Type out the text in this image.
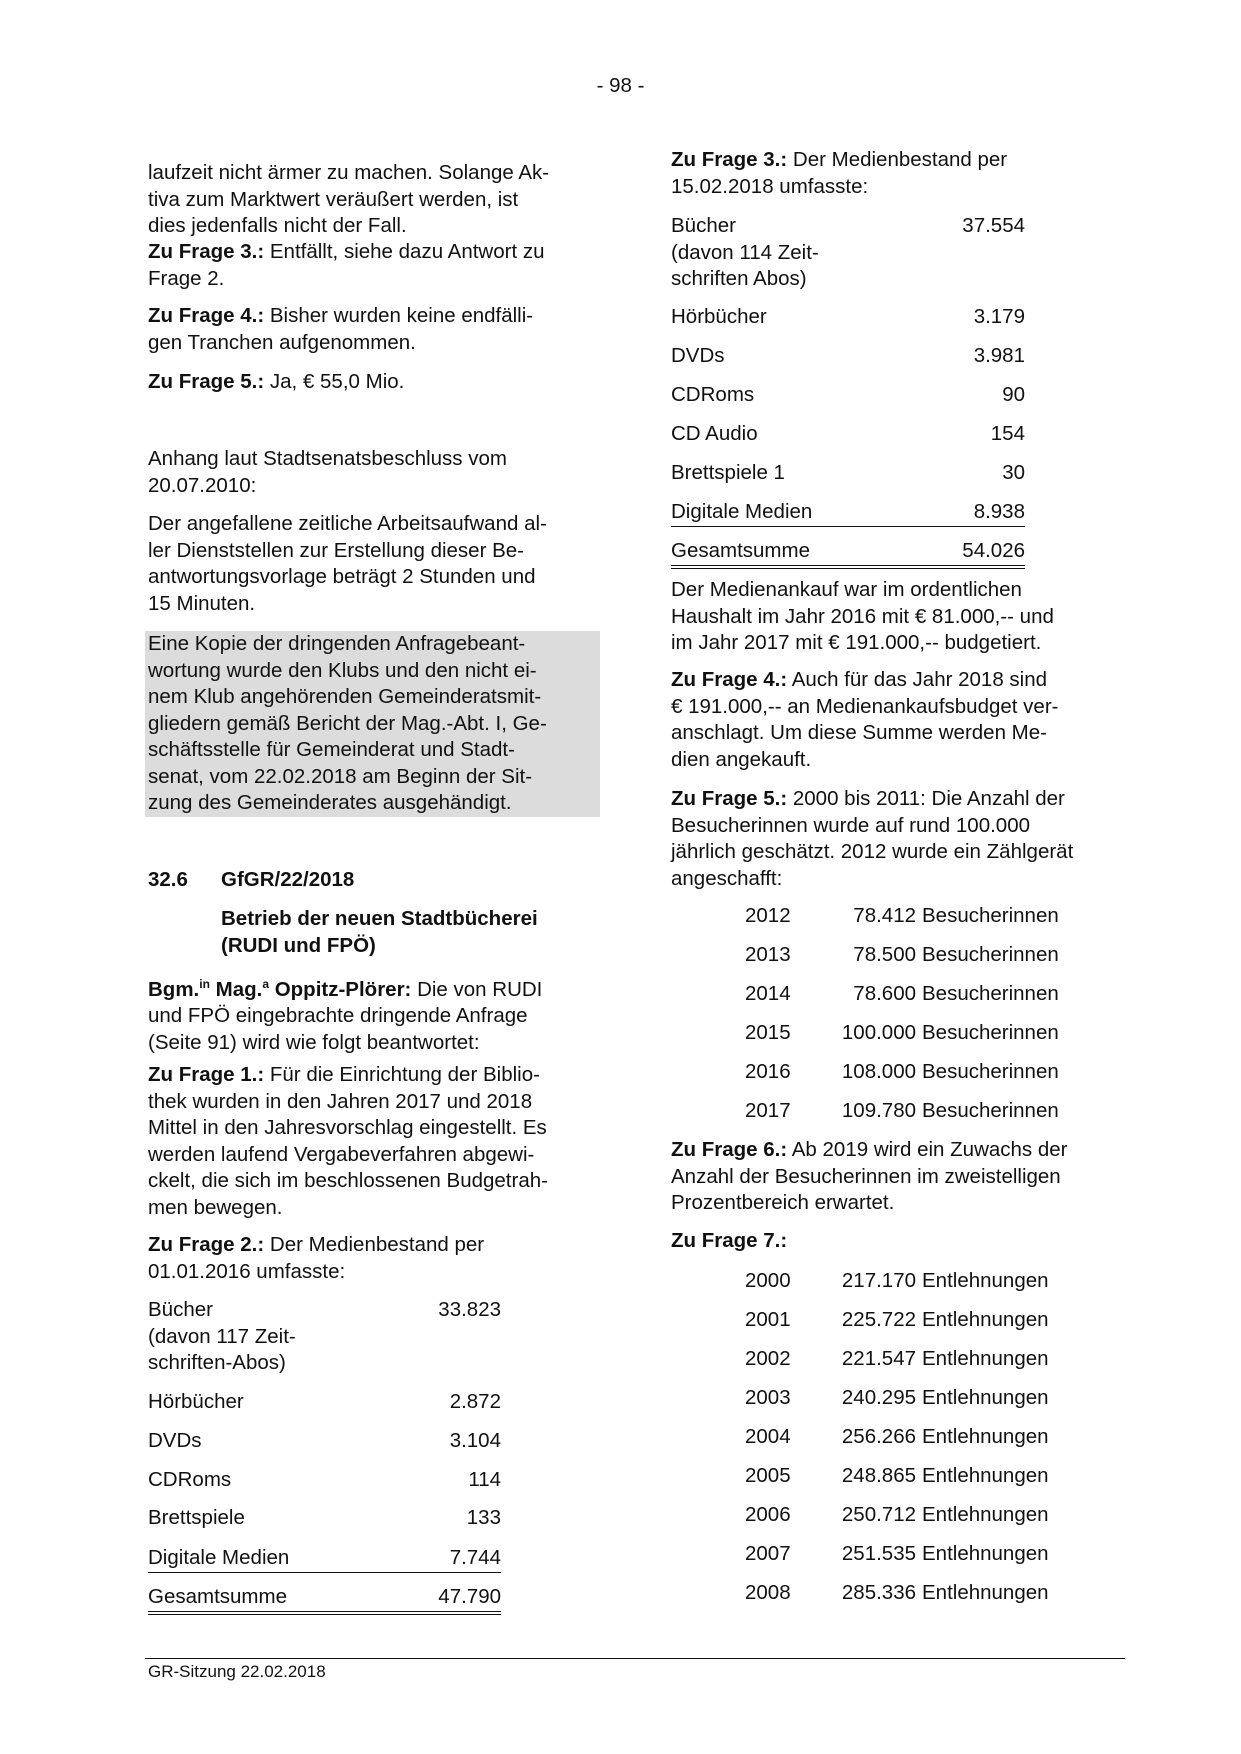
- 98 -
laufzeit nicht ärmer zu machen. Solange Ak-
tiva zum Marktwert veräußert werden, ist
dies jedenfalls nicht der Fall.
Zu Frage 3.: Entfällt, siehe dazu Antwort zu
Frage 2.
Zu Frage 4.: Bisher wurden keine endfälli-
gen Tranchen aufgenommen.
Zu Frage 5.: Ja, € 55,0 Mio.
Anhang laut Stadtsenatsbeschluss vom
20.07.2010:
Der angefallene zeitliche Arbeitsaufwand al-
ler Dienststellen zur Erstellung dieser Be-
antwortungsvorlage beträgt 2 Stunden und
15 Minuten.
Eine Kopie der dringenden Anfragebeant-
wortung wurde den Klubs und den nicht ei-
nem Klub angehörenden Gemeinderatsmit-
gliedern gemäß Bericht der Mag.-Abt. I, Ge-
schäftsstelle für Gemeinderat und Stadt-
senat, vom 22.02.2018 am Beginn der Sit-
zung des Gemeinderates ausgehändigt.
32.6 GfGR/22/2018
Betrieb der neuen Stadtbücherei
(RUDI und FPÖ)
Bgm.$^{in}$ Mag.$^a$ Oppitz-Plörer: Die von RUDI
und FPÖ eingebrachte dringende Anfrage
(Seite 91) wird wie folgt beantwortet:
Zu Frage 1.: Für die Einrichtung der Biblio-
thek wurden in den Jahren 2017 und 2018
Mittel in den Jahresvorschlag eingestellt. Es
werden laufend Vergabeverfahren abgewi-
ckelt, die sich im beschlossenen Budgetrah-
men bewegen.
Zu Frage 2.: Der Medienbestand per
01.01.2016 umfasste:
Bücher
(davon 117 Zeit-
schriften-Abos)
33.823
Hörbücher	2.872
DVDs	3.104
CDRoms	114
Brettspiele	133
Digitale Medien	7.744
Gesamtsumme	47.790
Zu Frage 3.: Der Medienbestand per
15.02.2018 umfasste:
Bücher
(davon 114 Zeit-
schriften Abos)
37.554
Hörbücher	3.179
DVDs	3.981
CDRoms	90
CD Audio	154
Brettspiele 1	30
Digitale Medien	8.938
Gesamtsumme	54.026
Der Medienankauf war im ordentlichen
Haushalt im Jahr 2016 mit € 81.000,-- und
im Jahr 2017 mit € 191.000,-- budgetiert.
Zu Frage 4.: Auch für das Jahr 2018 sind
€ 191.000,-- an Medienankaufsbudget ver-
anschlagt. Um diese Summe werden Me-
dien angekauft.
Zu Frage 5.: 2000 bis 2011: Die Anzahl der
Besucherinnen wurde auf rund 100.000
jährlich geschätzt. 2012 wurde ein Zählgerät
angeschafft:
2012	78.412 Besucherinnen
2013	78.500 Besucherinnen
2014	78.600 Besucherinnen
2015	100.000 Besucherinnen
2016	108.000 Besucherinnen
2017	109.780 Besucherinnen
Zu Frage 6.: Ab 2019 wird ein Zuwachs der
Anzahl der Besucherinnen im zweistelligen
Prozentbereich erwartet.
Zu Frage 7.:
2000	217.170 Entlehnungen
2001	225.722 Entlehnungen
2002	221.547 Entlehnungen
2003	240.295 Entlehnungen
2004	256.266 Entlehnungen
2005	248.865 Entlehnungen
2006	250.712 Entlehnungen
2007	251.535 Entlehnungen
2008	285.336 Entlehnungen
GR-Sitzung 22.02.2018
